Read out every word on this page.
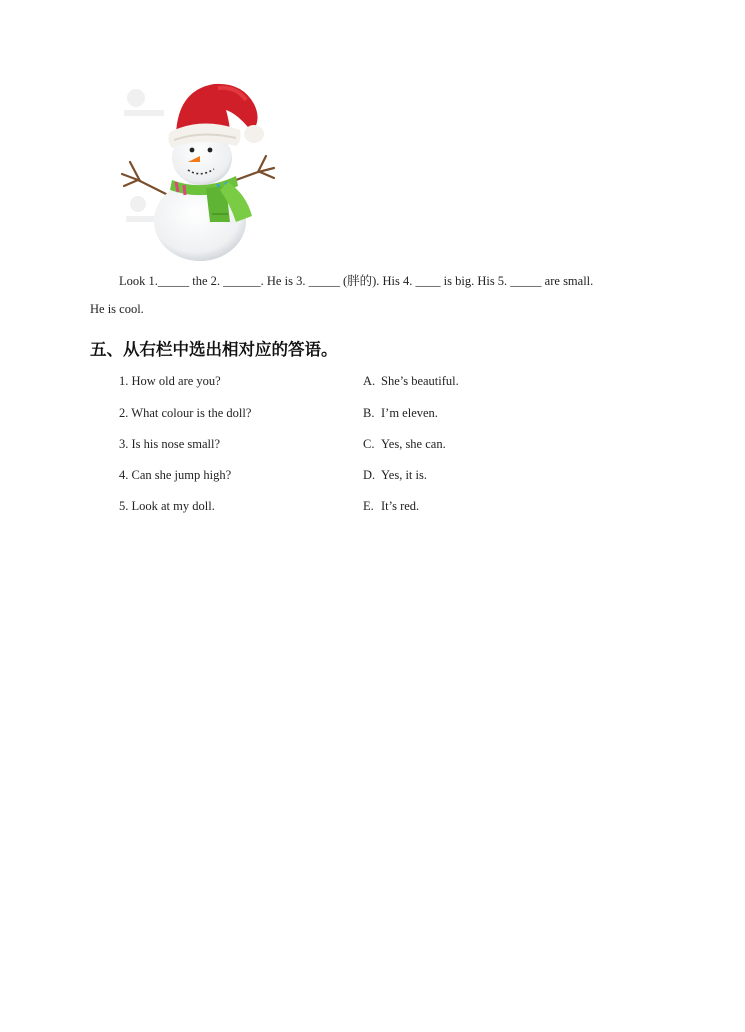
Look 1._____ the 2. ______. He is 3. _____ (胖的). His 4. ____ is big. His 5. _____ are small.
He is cool.
五、从右栏中选出相对应的答语。
1. How old are you?	A. She’s beautiful.
2. What colour is the doll?	B. I’m eleven.
3. Is his nose small?	C. Yes, she can.
4. Can she jump high?	D. Yes, it is.
5. Look at my doll.	E. It’s red.
